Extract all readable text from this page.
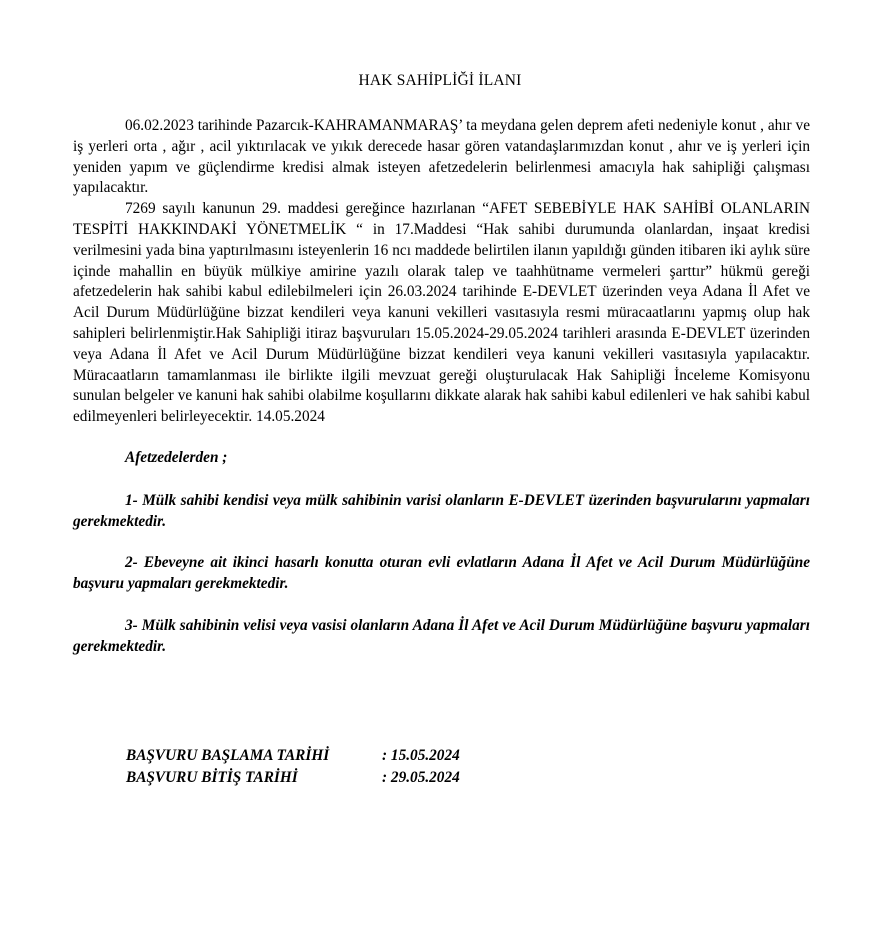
HAK SAHİPLİĞİ İLANI

06.02.2023 tarihinde Pazarcık-KAHRAMANMARAŞ’ ta meydana gelen deprem afeti nedeniyle konut , ahır ve iş yerleri orta , ağır , acil yıktırılacak ve yıkık derecede hasar gören vatandaşlarımızdan konut , ahır ve iş yerleri için yeniden yapım ve güçlendirme kredisi almak isteyen afetzedelerin belirlenmesi amacıyla hak sahipliği çalışması yapılacaktır.

7269 sayılı kanunun 29. maddesi gereğince hazırlanan “AFET SEBEBİYLE HAK SAHİBİ OLANLARIN TESPİTİ HAKKINDAKİ YÖNETMELİK “ in 17.Maddesi “Hak sahibi durumunda olanlardan, inşaat kredisi verilmesini yada bina yaptırılmasını isteyenlerin 16 ncı maddede belirtilen ilanın yapıldığı günden itibaren iki aylık süre içinde mahallin en büyük mülkiye amirine yazılı olarak talep ve taahhütname vermeleri şarttır” hükmü gereği afetzedelerin hak sahibi kabul edilebilmeleri için 26.03.2024 tarihinde E-DEVLET üzerinden veya Adana İl Afet ve Acil Durum Müdürlüğüne bizzat kendileri veya kanuni vekilleri vasıtasıyla resmi müracaatlarını yapmış olup hak sahipleri belirlenmiştir.Hak Sahipliği itiraz başvuruları 15.05.2024-29.05.2024 tarihleri arasında E-DEVLET üzerinden veya Adana İl Afet ve Acil Durum Müdürlüğüne bizzat kendileri veya kanuni vekilleri vasıtasıyla yapılacaktır. Müracaatların tamamlanması ile birlikte ilgili mevzuat gereği oluşturulacak Hak Sahipliği İnceleme Komisyonu sunulan belgeler ve kanuni hak sahibi olabilme koşullarını dikkate alarak hak sahibi kabul edilenleri ve hak sahibi kabul edilmeyenleri belirleyecektir. 14.05.2024

Afetzedelerden ;

1- Mülk sahibi kendisi veya mülk sahibinin varisi olanların E-DEVLET üzerinden başvurularını yapmaları gerekmektedir.

2- Ebeveyne ait ikinci hasarlı konutta oturan evli evlatların Adana İl Afet ve Acil Durum Müdürlüğüne başvuru yapmaları gerekmektedir.

3- Mülk sahibinin velisi veya vasisi olanların Adana İl Afet ve Acil Durum Müdürlüğüne başvuru yapmaları gerekmektedir.

BAŞVURU BAŞLAMA TARİHİ	: 15.05.2024
BAŞVURU BİTİŞ TARİHİ	: 29.05.2024
